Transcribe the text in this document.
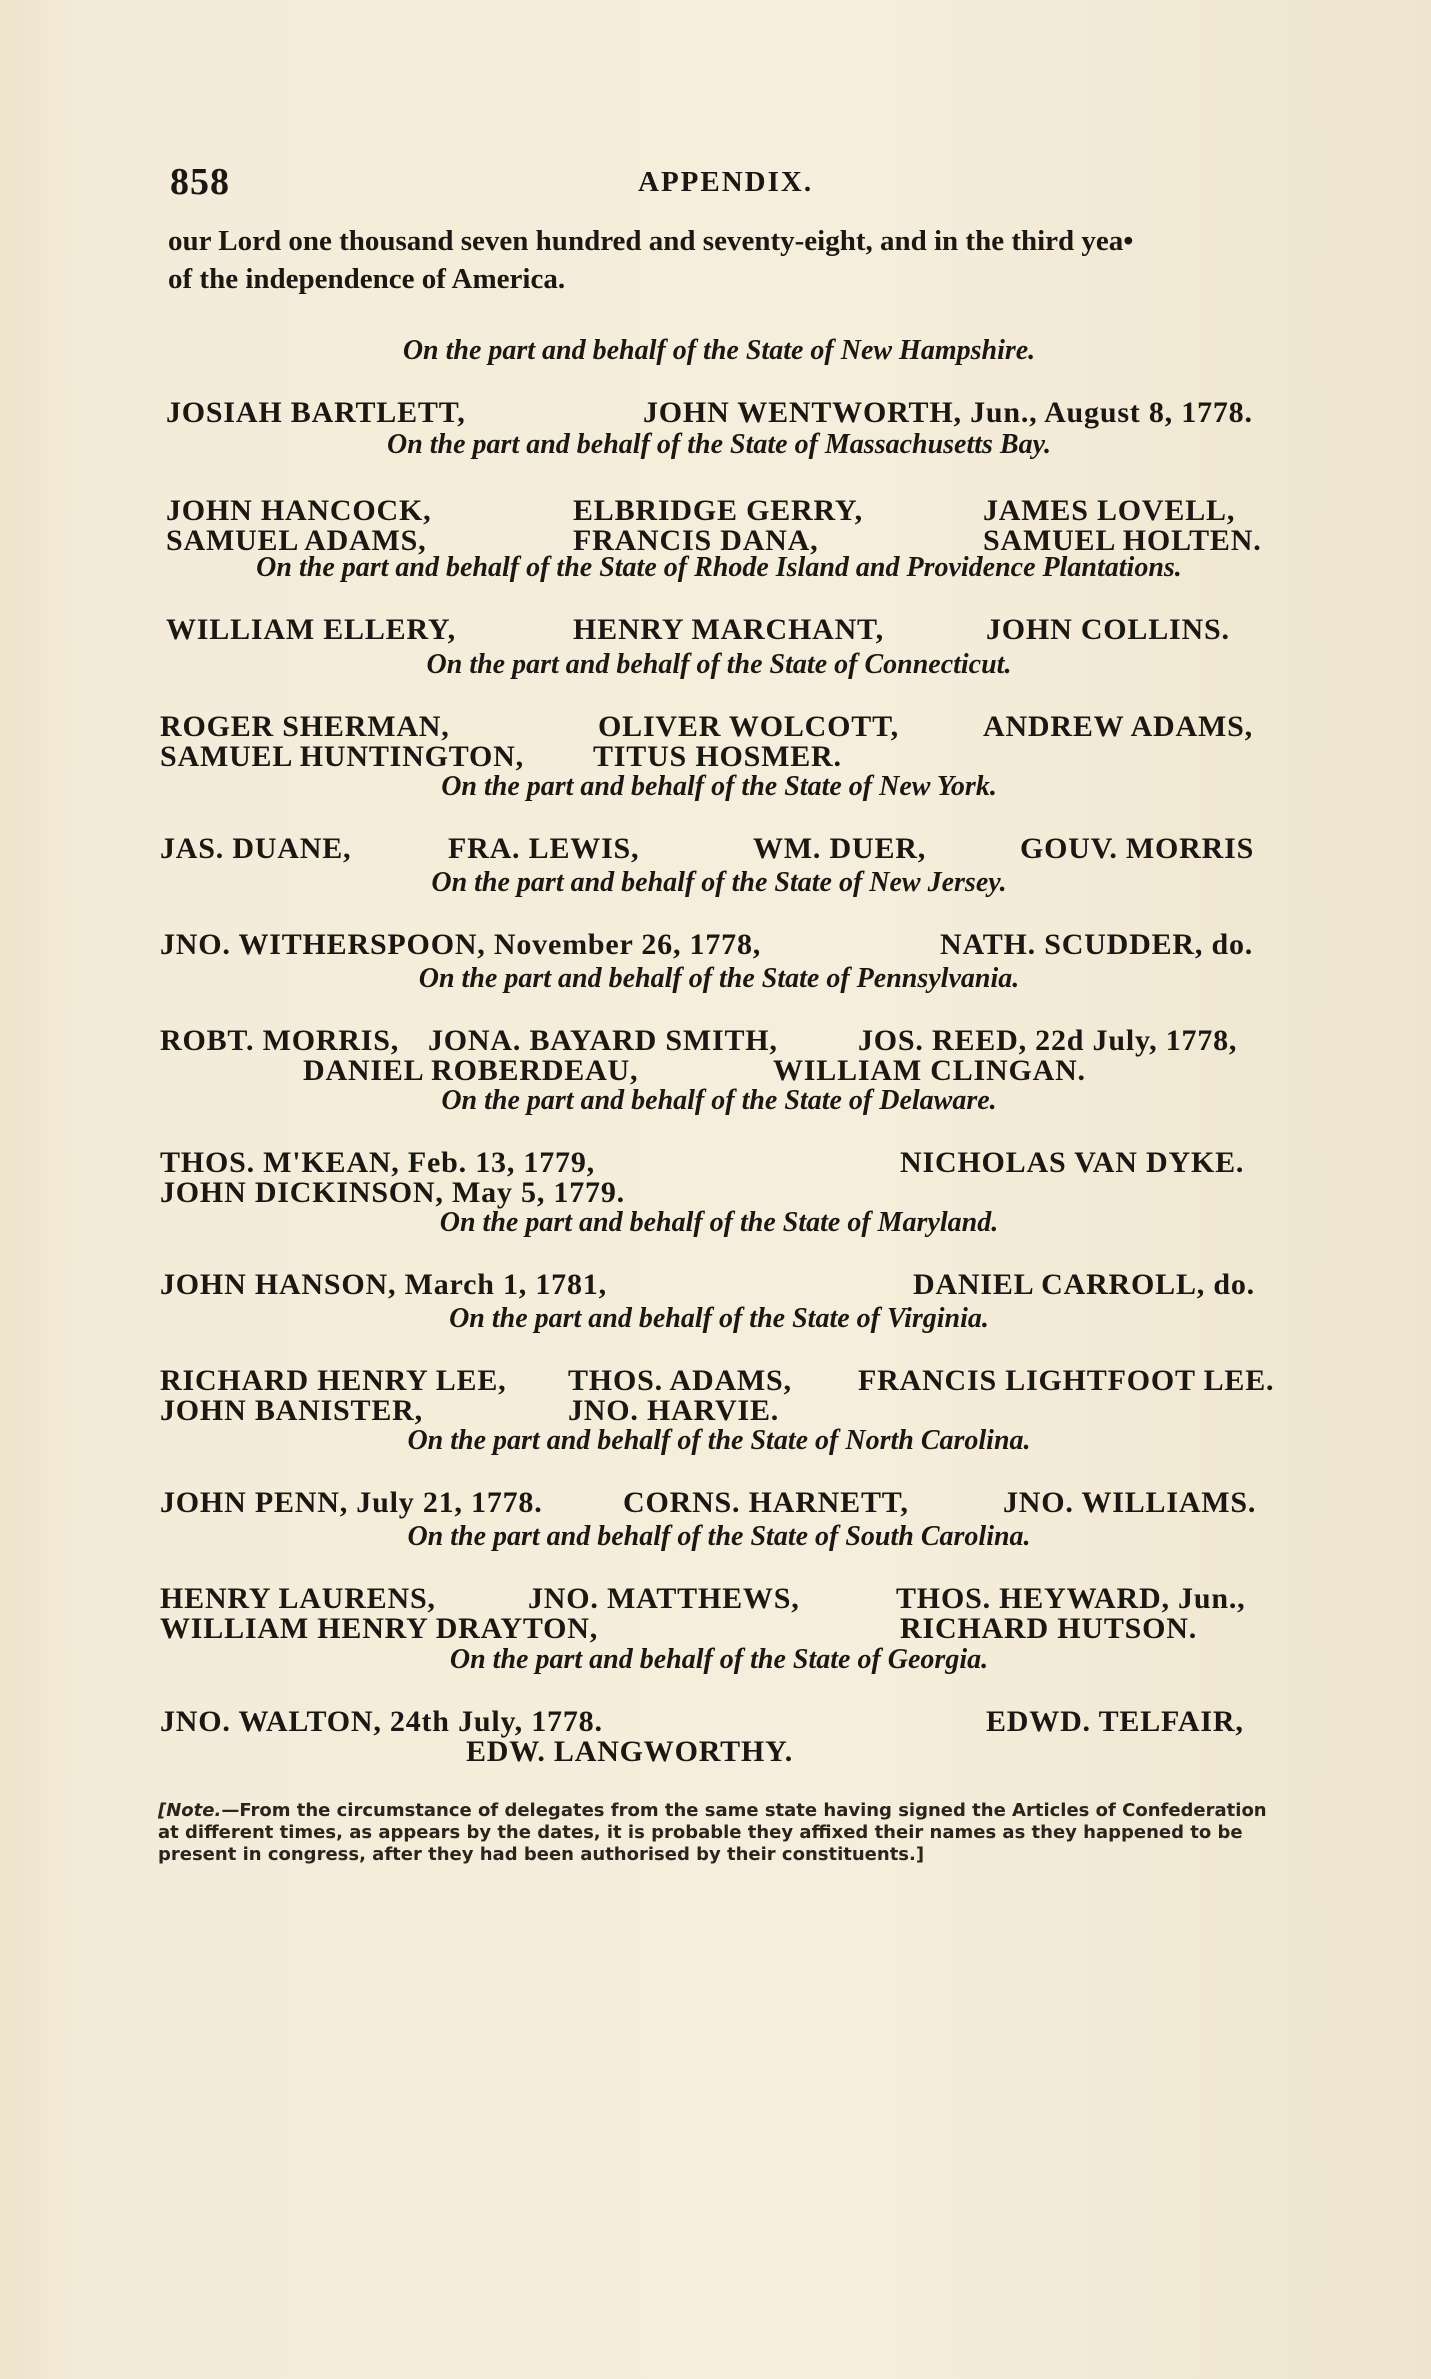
858	APPENDIX.

our Lord one thousand seven hundred and seventy-eight, and in the third yea•

of the independence of America.

On the part and behalf of the State of New Hampshire.
JOSIAH BARTLETT,	JOHN WENTWORTH, Jun., August 8, 1778.
On the part and behalf of the State of Massachusetts Bay.
JOHN HANCOCK,	ELBRIDGE GERRY,	JAMES LOVELL,
SAMUEL ADAMS,	FRANCIS DANA,	SAMUEL HOLTEN.
On the part and behalf of the State of Rhode Island and Providence Plantations.
WILLIAM ELLERY,	HENRY MARCHANT,	JOHN COLLINS.
On the part and behalf of the State of Connecticut.
ROGER SHERMAN,	OLIVER WOLCOTT,	ANDREW ADAMS,
SAMUEL HUNTINGTON, TITUS HOSMER.
On the part and behalf of the State of New York.
JAS. DUANE,	FRA. LEWIS,	WM. DUER,	GOUV. MORRIS
On the part and behalf of the State of New Jersey.
JNO. WITHERSPOON, November 26, 1778,	NATH. SCUDDER, do.
On the part and behalf of the State of Pennsylvania.
ROBT. MORRIS, JONA. BAYARD SMITH,	JOS. REED, 22d July, 1778,
DANIEL ROBERDEAU,	WILLIAM CLINGAN.
On the part and behalf of the State of Delaware.
THOS. M'KEAN, Feb. 13, 1779,	NICHOLAS VAN DYKE.
JOHN DICKINSON, May 5, 1779.
On the part and behalf of the State of Maryland.
JOHN HANSON, March 1, 1781,	DANIEL CARROLL, do.
On the part and behalf of the State of Virginia.
RICHARD HENRY LEE, THOS. ADAMS, FRANCIS LIGHTFOOT LEE.
JOHN BANISTER,	JNO. HARVIE.
On the part and behalf of the State of North Carolina.
JOHN PENN, July 21, 1778.	CORNS. HARNETT,	JNO. WILLIAMS.
On the part and behalf of the State of South Carolina.
HENRY LAURENS,	JNO. MATTHEWS,	THOS. HEYWARD, Jun.,
WILLIAM HENRY DRAYTON,	RICHARD HUTSON.
On the part and behalf of the State of Georgia.
JNO. WALTON, 24th July, 1778.	EDWD. TELFAIR,
EDW. LANGWORTHY.
[Note.—From the circumstance of delegates from the same state having signed the Articles of Confederation at different times, as appears by the dates, it is probable they affixed their names as they happened to be present in congress, after they had been authorised by their constituents.]
